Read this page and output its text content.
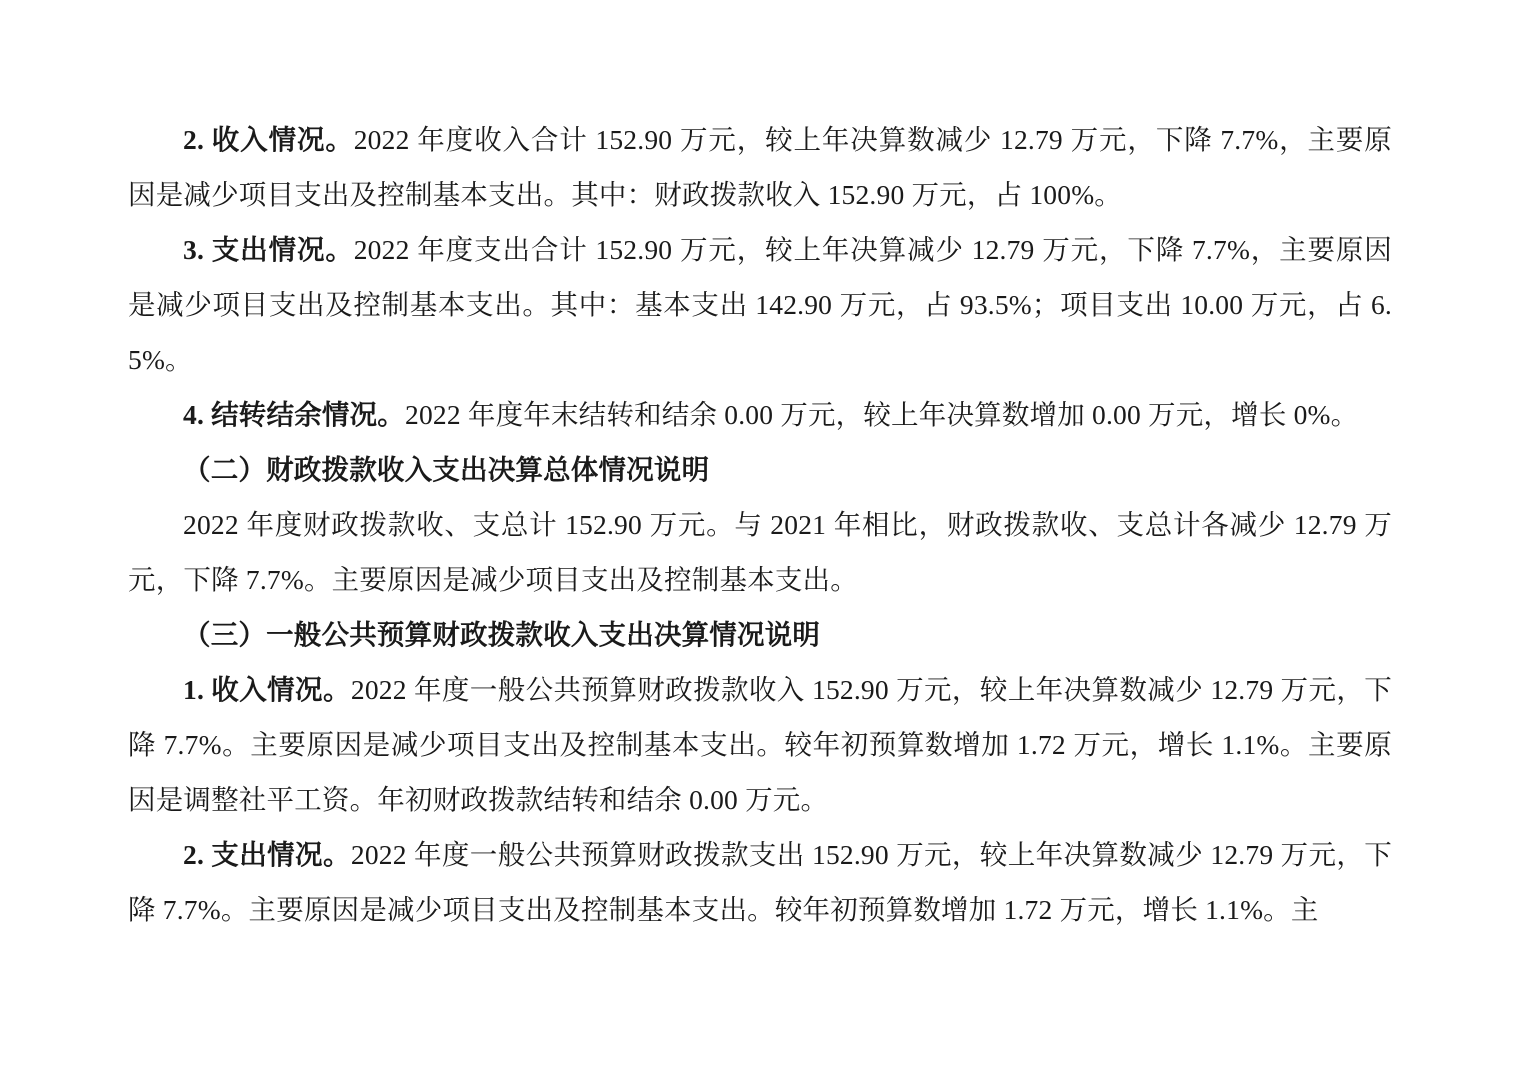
2. 收入情况。2022 年度收入合计 152.90 万元，较上年决算数减少 12.79 万元，下降 7.7%，主要原因是减少项目支出及控制基本支出。其中：财政拨款收入 152.90 万元，占 100%。

3. 支出情况。2022 年度支出合计 152.90 万元，较上年决算减少 12.79 万元，下降 7.7%，主要原因是减少项目支出及控制基本支出。其中：基本支出 142.90 万元，占 93.5%；项目支出 10.00 万元，占 6.5%。

4. 结转结余情况。2022 年度年末结转和结余 0.00 万元，较上年决算数增加 0.00 万元，增长 0%。

（二）财政拨款收入支出决算总体情况说明

2022 年度财政拨款收、支总计 152.90 万元。与 2021 年相比，财政拨款收、支总计各减少 12.79 万元，下降 7.7%。主要原因是减少项目支出及控制基本支出。

（三）一般公共预算财政拨款收入支出决算情况说明

1. 收入情况。2022 年度一般公共预算财政拨款收入 152.90 万元，较上年决算数减少 12.79 万元，下降 7.7%。主要原因是减少项目支出及控制基本支出。较年初预算数增加 1.72 万元，增长 1.1%。主要原因是调整社平工资。年初财政拨款结转和结余 0.00 万元。

2. 支出情况。2022 年度一般公共预算财政拨款支出 152.90 万元，较上年决算数减少 12.79 万元，下降 7.7%。主要原因是减少项目支出及控制基本支出。较年初预算数增加 1.72 万元，增长 1.1%。主
